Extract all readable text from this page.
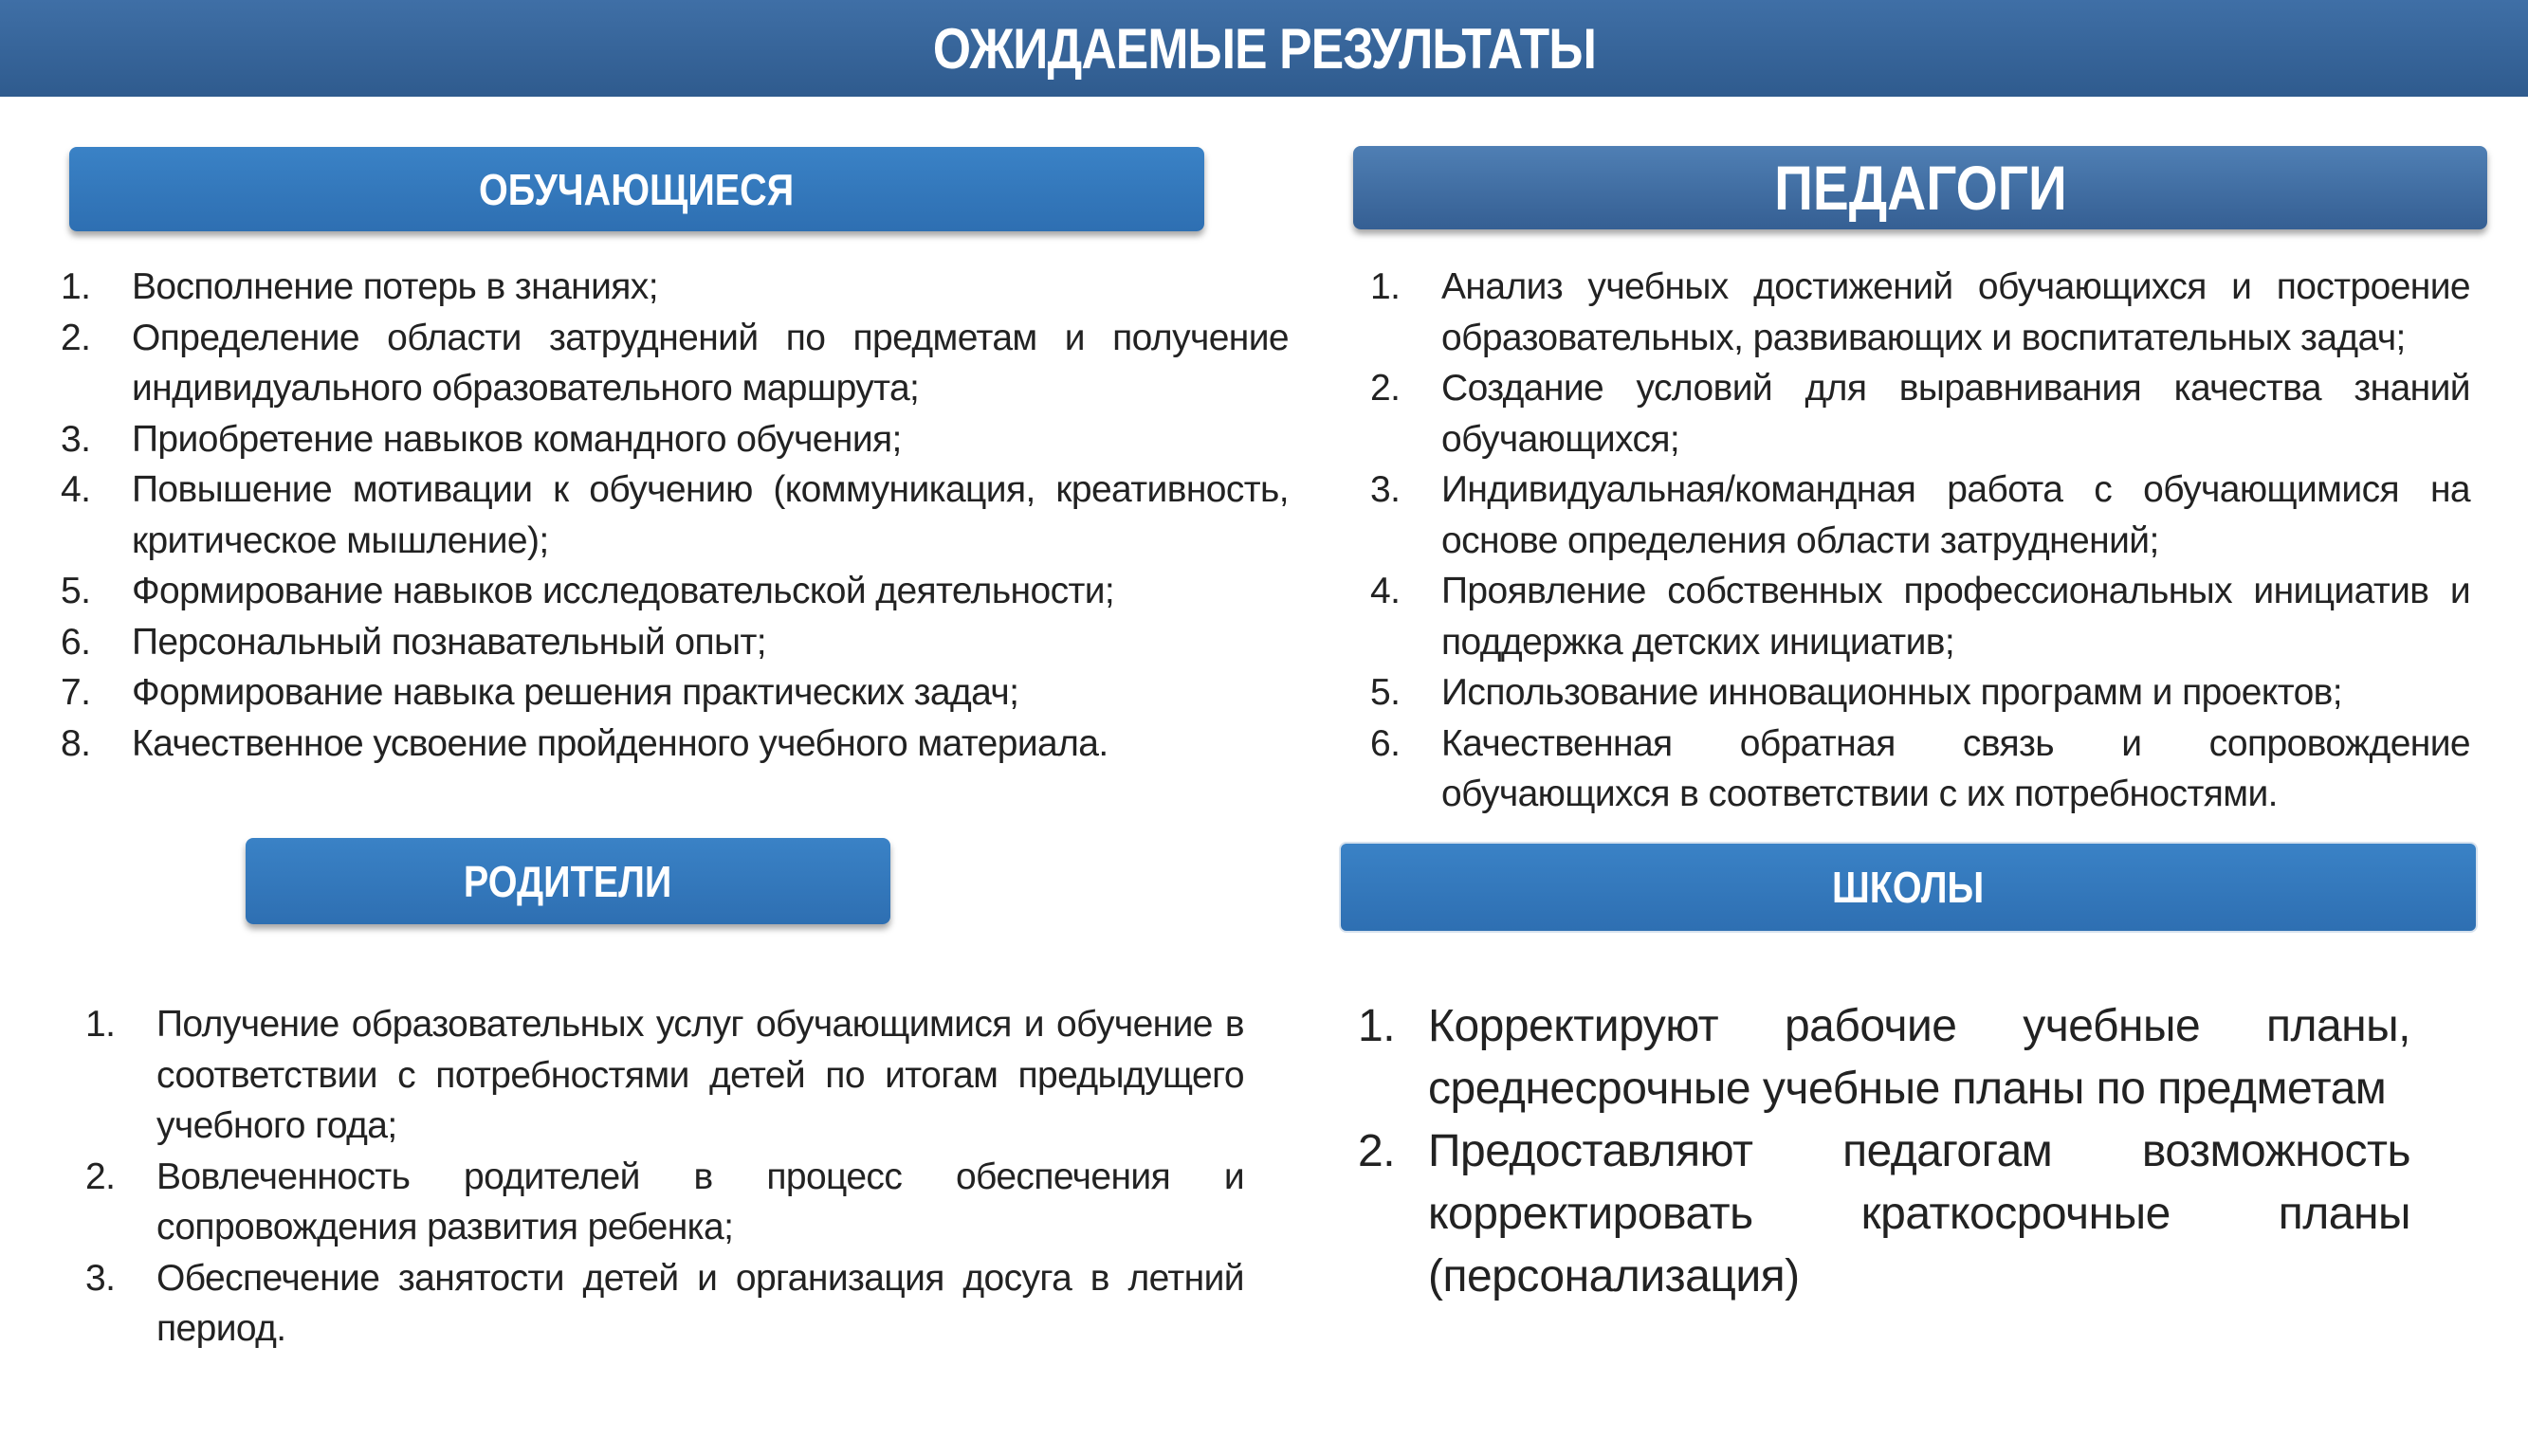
ОЖИДАЕМЫЕ РЕЗУЛЬТАТЫ
ОБУЧАЮЩИЕСЯ	ПЕДАГОГИ
РОДИТЕЛИ	ШКОЛЫ
1.	Восполнение потерь в знаниях;
2.	Определение области затруднений по предметам и получение индивидуального образовательного маршрута;
3.	Приобретение навыков командного обучения;
4.	Повышение мотивации к обучению (коммуникация, креативность, критическое мышление);
5.	Формирование навыков исследовательской деятельности;
6.	Персональный познавательный опыт;
7.	Формирование навыка решения практических задач;
8.	Качественное усвоение пройденного учебного материала.
1.	Анализ учебных достижений обучающихся и построение образовательных, развивающих и воспитательных задач;
2.	Создание условий для выравнивания качества знаний обучающихся;
3.	Индивидуальная/командная работа с обучающимися на основе определения области затруднений;
4.	Проявление собственных профессиональных инициатив и поддержка детских инициатив;
5.	Использование инновационных программ и проектов;
6.	Качественная обратная связь и сопровождение обучающихся в соответствии с их потребностями.
1.	Получение образовательных услуг обучающимися и обучение в соответствии с потребностями детей по итогам предыдущего учебного года;
2.	Вовлеченность родителей в процесс обеспечения и сопровождения развития ребенка;
3.	Обеспечение занятости детей и организация досуга в летний период.
1. Корректируют рабочие учебные планы, среднесрочные учебные планы по предметам
2. Предоставляют педагогам возможность корректировать краткосрочные планы (персонализация)
